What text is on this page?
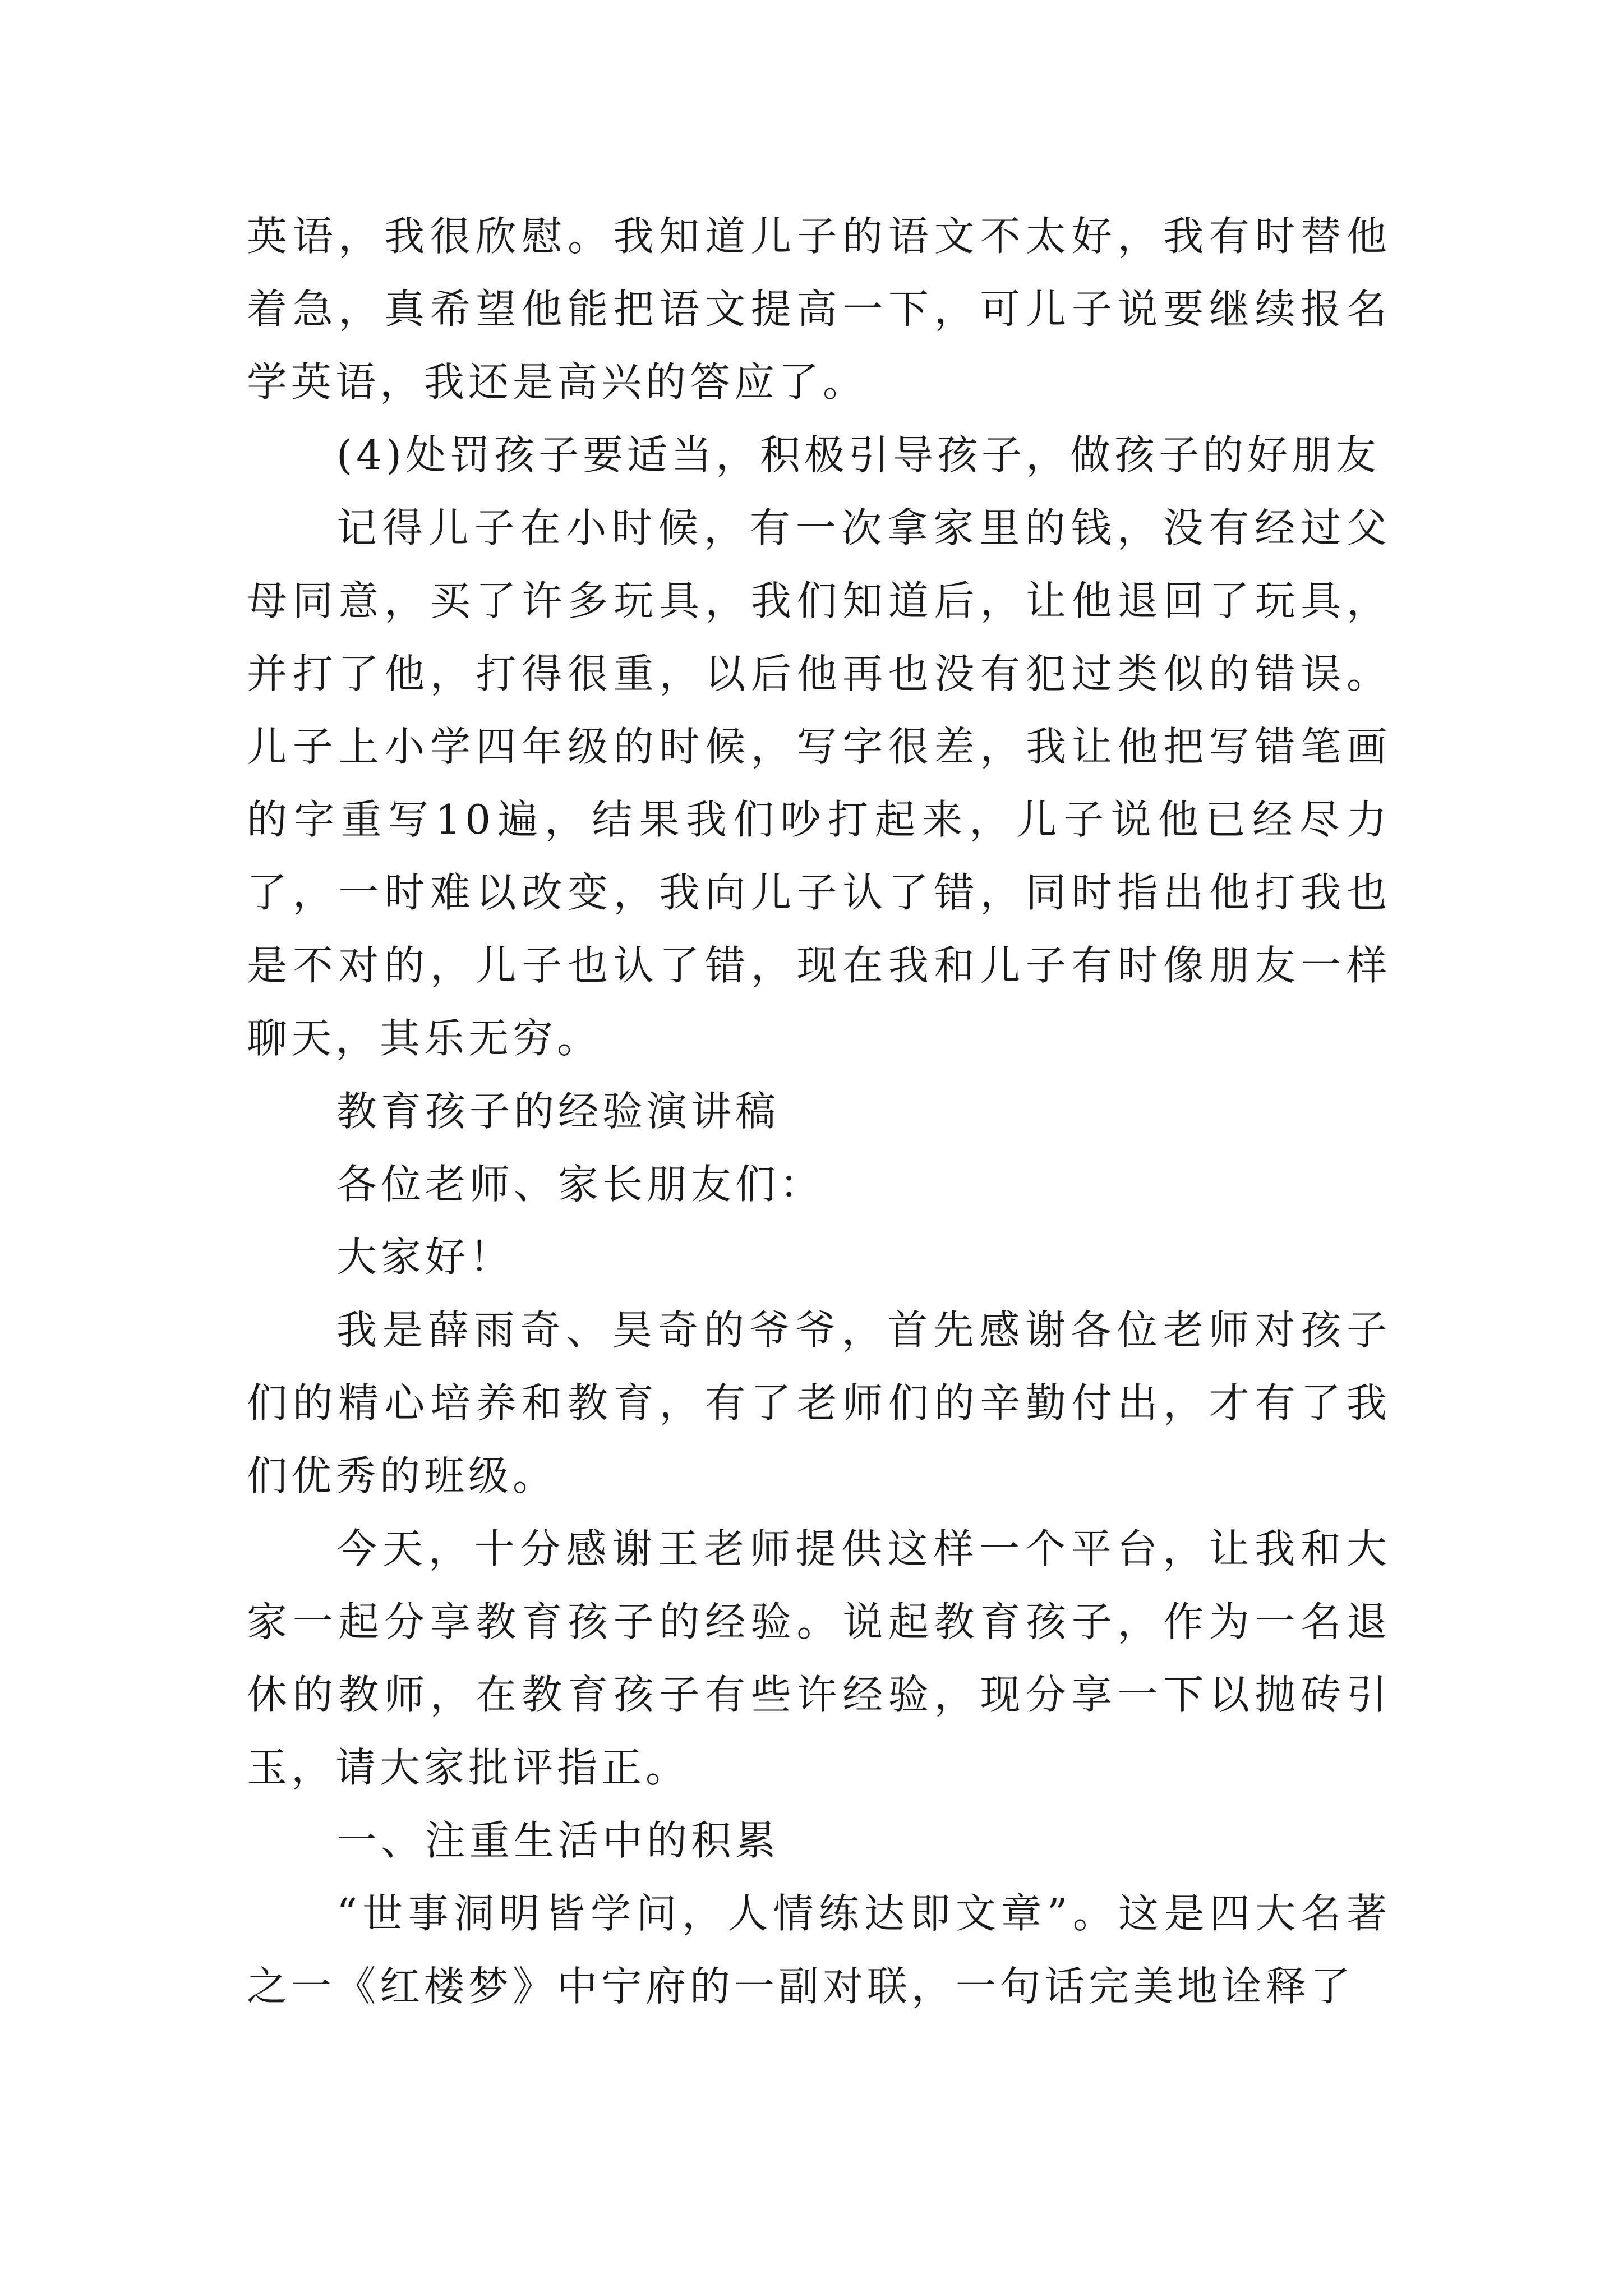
英语，我很欣慰。我知道儿子的语文不太好，我有时替他着急，真希望他能把语文提高一下，可儿子说要继续报名学英语，我还是高兴的答应了。

(4)处罚孩子要适当，积极引导孩子，做孩子的好朋友

记得儿子在小时候，有一次拿家里的钱，没有经过父母同意，买了许多玩具，我们知道后，让他退回了玩具，并打了他，打得很重，以后他再也没有犯过类似的错误。儿子上小学四年级的时候，写字很差，我让他把写错笔画的字重写10遍，结果我们吵打起来，儿子说他已经尽力了，一时难以改变，我向儿子认了错，同时指出他打我也是不对的，儿子也认了错，现在我和儿子有时像朋友一样聊天，其乐无穷。

教育孩子的经验演讲稿

各位老师、家长朋友们：

大家好！

我是薛雨奇、昊奇的爷爷，首先感谢各位老师对孩子们的精心培养和教育，有了老师们的辛勤付出，才有了我们优秀的班级。

今天，十分感谢王老师提供这样一个平台，让我和大家一起分享教育孩子的经验。说起教育孩子，作为一名退休的教师，在教育孩子有些许经验，现分享一下以抛砖引玉，请大家批评指正。

一、注重生活中的积累

“世事洞明皆学问，人情练达即文章”。这是四大名著之一《红楼梦》中宁府的一副对联，一句话完美地诠释了
